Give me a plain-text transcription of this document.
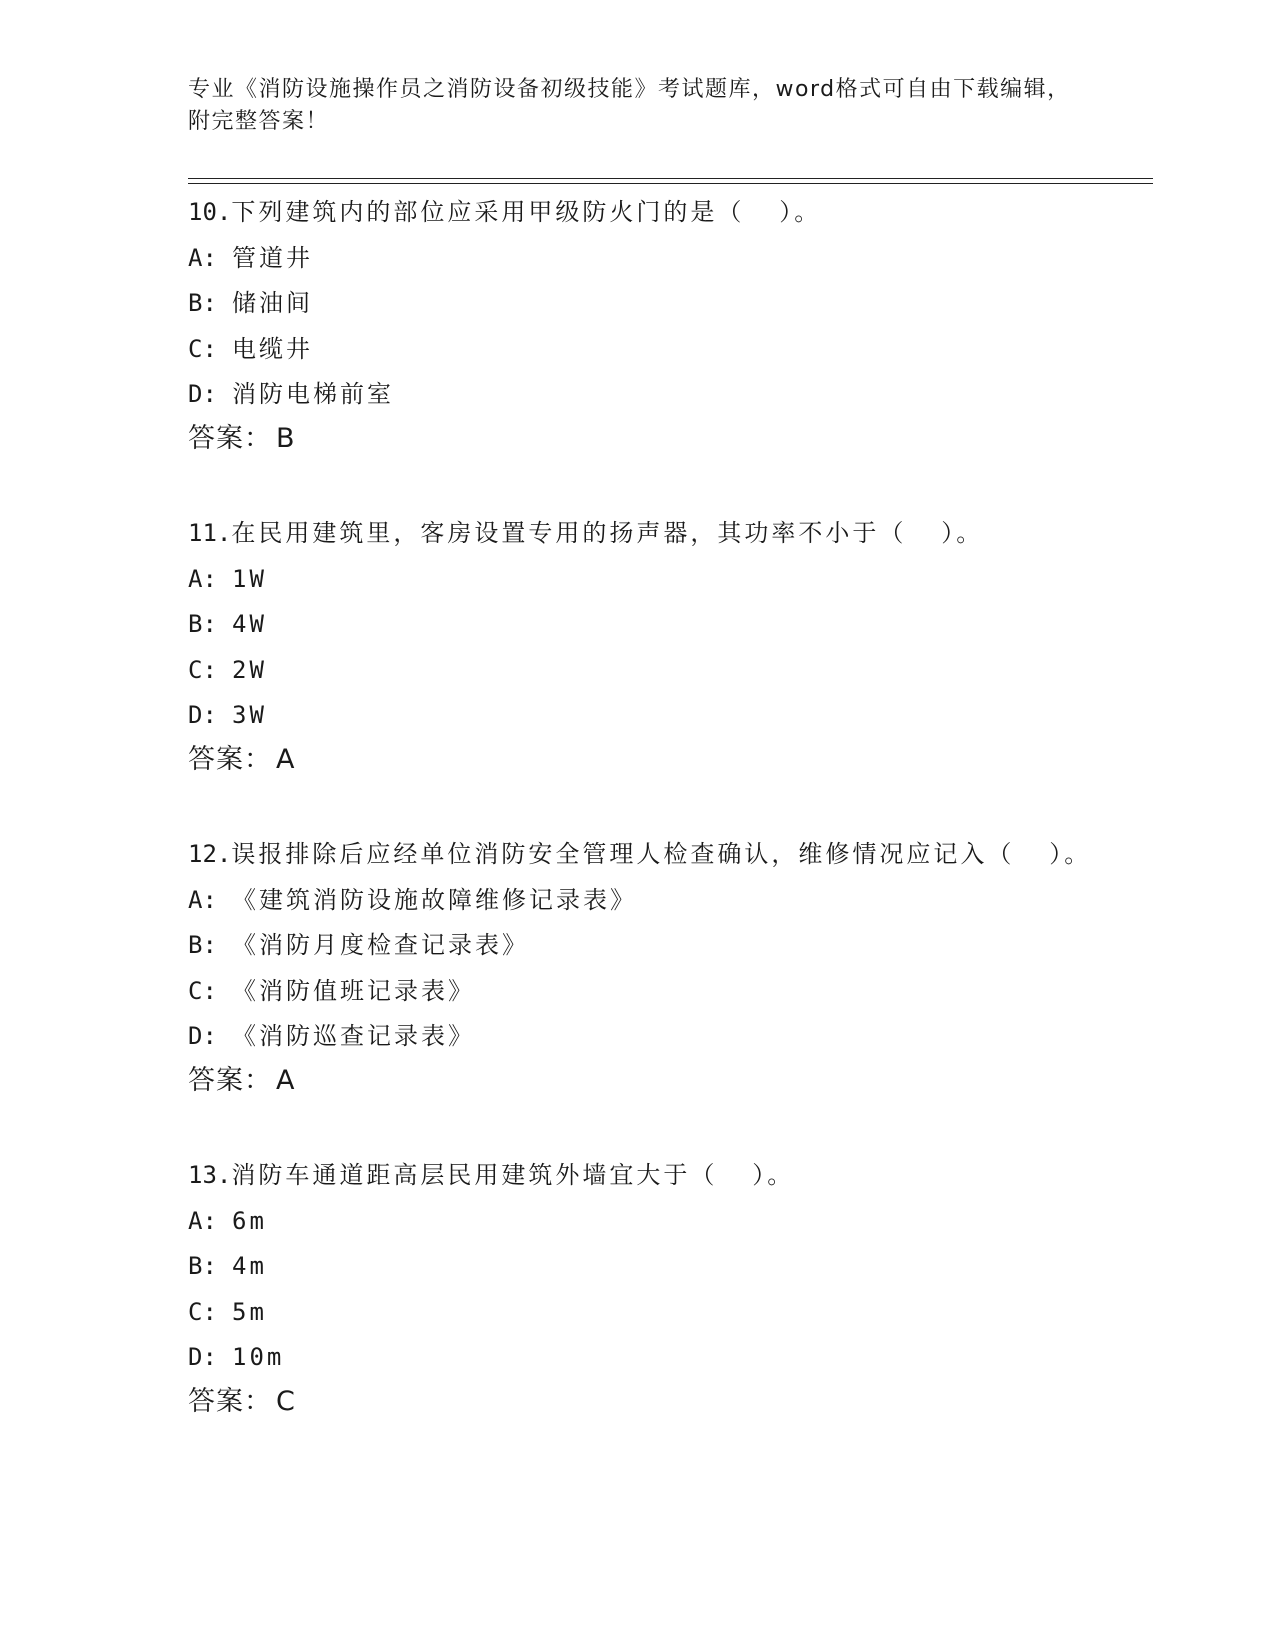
专业《消防设施操作员之消防设备初级技能》考试题库，word格式可自由下载编辑，附完整答案！
10.下列建筑内的部位应采用甲级防火门的是（  ）。
A: 管道井
B: 储油间
C: 电缆井
D: 消防电梯前室
答案： B
11.在民用建筑里，客房设置专用的扬声器，其功率不小于（  ）。
A: 1W
B: 4W
C: 2W
D: 3W
答案： A
12.误报排除后应经单位消防安全管理人检查确认，维修情况应记入（  ）。
A: 《建筑消防设施故障维修记录表》
B: 《消防月度检查记录表》
C: 《消防值班记录表》
D: 《消防巡查记录表》
答案： A
13.消防车通道距高层民用建筑外墙宜大于（  ）。
A: 6m
B: 4m
C: 5m
D: 10m
答案： C
